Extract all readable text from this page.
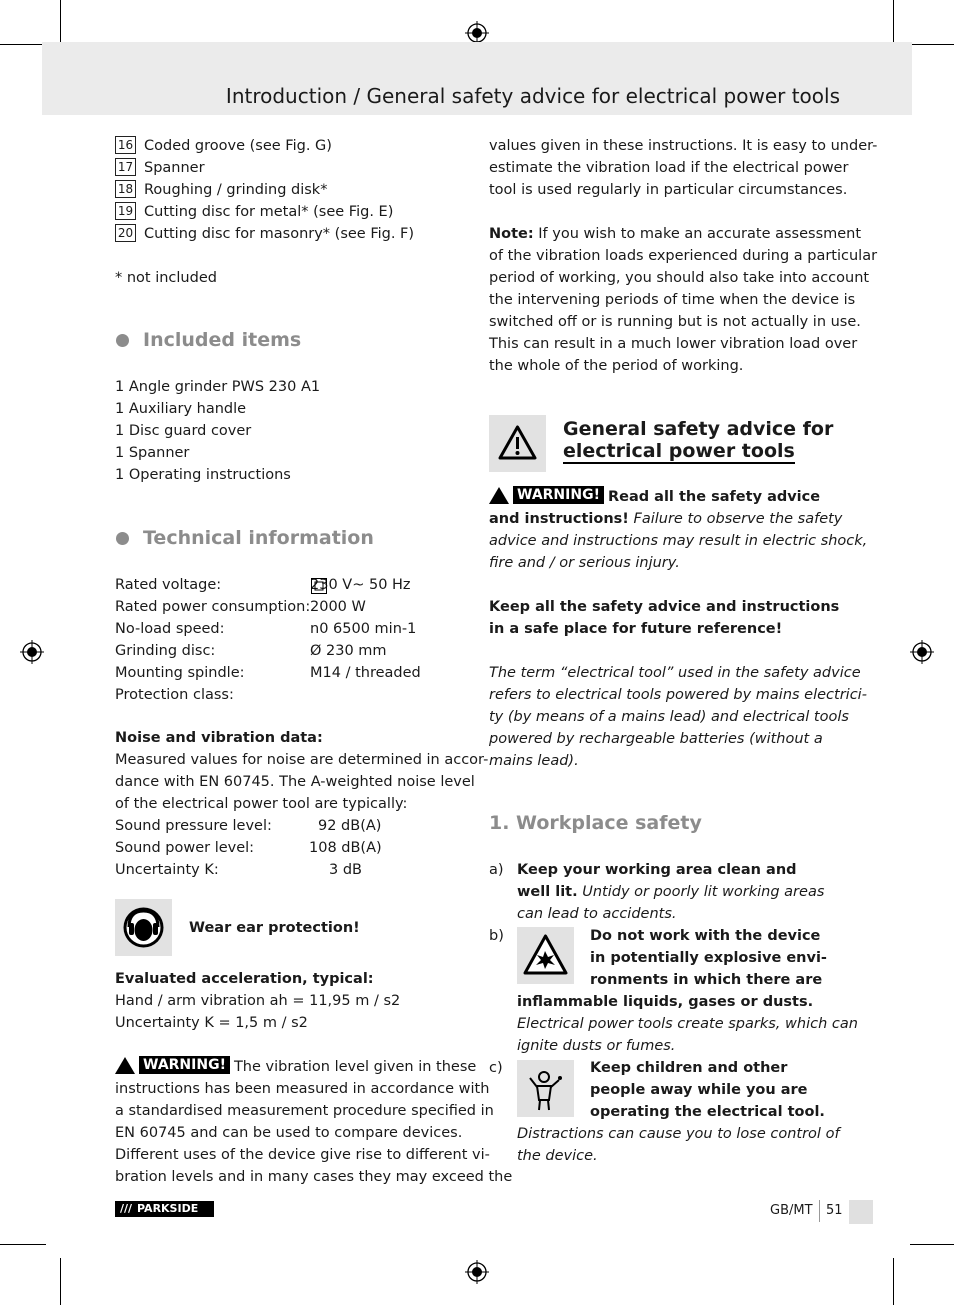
Introduction / General safety advice for electrical power tools
16 Coded groove (see Fig. G)
17 Spanner
18 Roughing / grinding disk*
19 Cutting disc for metal* (see Fig. E)
20 Cutting disc for masonry* (see Fig. F)
* not included
Included items
1 Angle grinder PWS 230 A1
1 Auxiliary handle
1 Disc guard cover
1 Spanner
1 Operating instructions
Technical information
Rated voltage:	230 V~ 50 Hz
Rated power consumption: 2000 W
No-load speed:	n0 6500 min-1
Grinding disc:	Ø 230 mm
Mounting spindle:	M14 / threaded
Protection class:
Noise and vibration data:
Measured values for noise are determined in accor-
dance with EN 60745. The A-weighted noise level
of the electrical power tool are typically:
Sound pressure level:	92 dB(A)
Sound power level:	108 dB(A)
Uncertainty K:	3 dB
Wear ear protection!
Evaluated acceleration, typical:
Hand / arm vibration ah = 11,95 m / s2
Uncertainty K = 1,5 m / s2
WARNING! The vibration level given in these
instructions has been measured in accordance with
a standardised measurement procedure specified in
EN 60745 and can be used to compare devices.
Different uses of the device give rise to different vi-
bration levels and in many cases they may exceed the
values given in these instructions. It is easy to under-
estimate the vibration load if the electrical power
tool is used regularly in particular circumstances.
Note: If you wish to make an accurate assessment
of the vibration loads experienced during a particular
period of working, you should also take into account
the intervening periods of time when the device is
switched off or is running but is not actually in use.
This can result in a much lower vibration load over
the whole of the period of working.
General safety advice for
electrical power tools
WARNING! Read all the safety advice
and instructions! Failure to observe the safety
advice and instructions may result in electric shock,
fire and / or serious injury.
Keep all the safety advice and instructions
in a safe place for future reference!
The term “electrical tool” used in the safety advice
refers to electrical tools powered by mains electrici-
ty (by means of a mains lead) and electrical tools
powered by rechargeable batteries (without a
mains lead).
1. Workplace safety
a) Keep your working area clean and
well lit. Untidy or poorly lit working areas
can lead to accidents.
b)	Do not work with the device
in potentially explosive envi-
ronments in which there are
inflammable liquids, gases or dusts.
Electrical power tools create sparks, which can
ignite dusts or fumes.
c)	Keep children and other
people away while you are
operating the electrical tool.
Distractions can cause you to lose control of
the device.
/// PARKSIDE	GB/MT 51
